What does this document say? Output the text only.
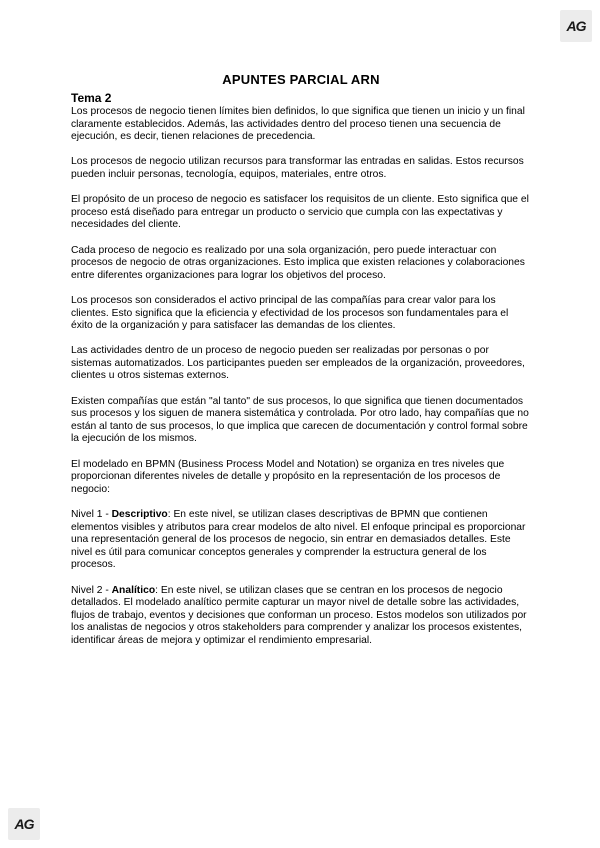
AG
APUNTES PARCIAL ARN
Tema 2

Los procesos de negocio tienen límites bien definidos, lo que significa que tienen un inicio y un final claramente establecidos. Además, las actividades dentro del proceso tienen una secuencia de ejecución, es decir, tienen relaciones de precedencia.

Los procesos de negocio utilizan recursos para transformar las entradas en salidas. Estos recursos pueden incluir personas, tecnología, equipos, materiales, entre otros.

El propósito de un proceso de negocio es satisfacer los requisitos de un cliente. Esto significa que el proceso está diseñado para entregar un producto o servicio que cumpla con las expectativas y necesidades del cliente.

Cada proceso de negocio es realizado por una sola organización, pero puede interactuar con procesos de negocio de otras organizaciones. Esto implica que existen relaciones y colaboraciones entre diferentes organizaciones para lograr los objetivos del proceso.

Los procesos son considerados el activo principal de las compañías para crear valor para los clientes. Esto significa que la eficiencia y efectividad de los procesos son fundamentales para el éxito de la organización y para satisfacer las demandas de los clientes.

Las actividades dentro de un proceso de negocio pueden ser realizadas por personas o por sistemas automatizados. Los participantes pueden ser empleados de la organización, proveedores, clientes u otros sistemas externos.

Existen compañías que están "al tanto" de sus procesos, lo que significa que tienen documentados sus procesos y los siguen de manera sistemática y controlada. Por otro lado, hay compañías que no están al tanto de sus procesos, lo que implica que carecen de documentación y control formal sobre la ejecución de los mismos.

El modelado en BPMN (Business Process Model and Notation) se organiza en tres niveles que proporcionan diferentes niveles de detalle y propósito en la representación de los procesos de negocio:

Nivel 1 - Descriptivo: En este nivel, se utilizan clases descriptivas de BPMN que contienen elementos visibles y atributos para crear modelos de alto nivel. El enfoque principal es proporcionar una representación general de los procesos de negocio, sin entrar en demasiados detalles. Este nivel es útil para comunicar conceptos generales y comprender la estructura general de los procesos.

Nivel 2 - Analítico: En este nivel, se utilizan clases que se centran en los procesos de negocio detallados. El modelado analítico permite capturar un mayor nivel de detalle sobre las actividades, flujos de trabajo, eventos y decisiones que conforman un proceso. Estos modelos son utilizados por los analistas de negocios y otros stakeholders para comprender y analizar los procesos existentes, identificar áreas de mejora y optimizar el rendimiento empresarial.

AG
